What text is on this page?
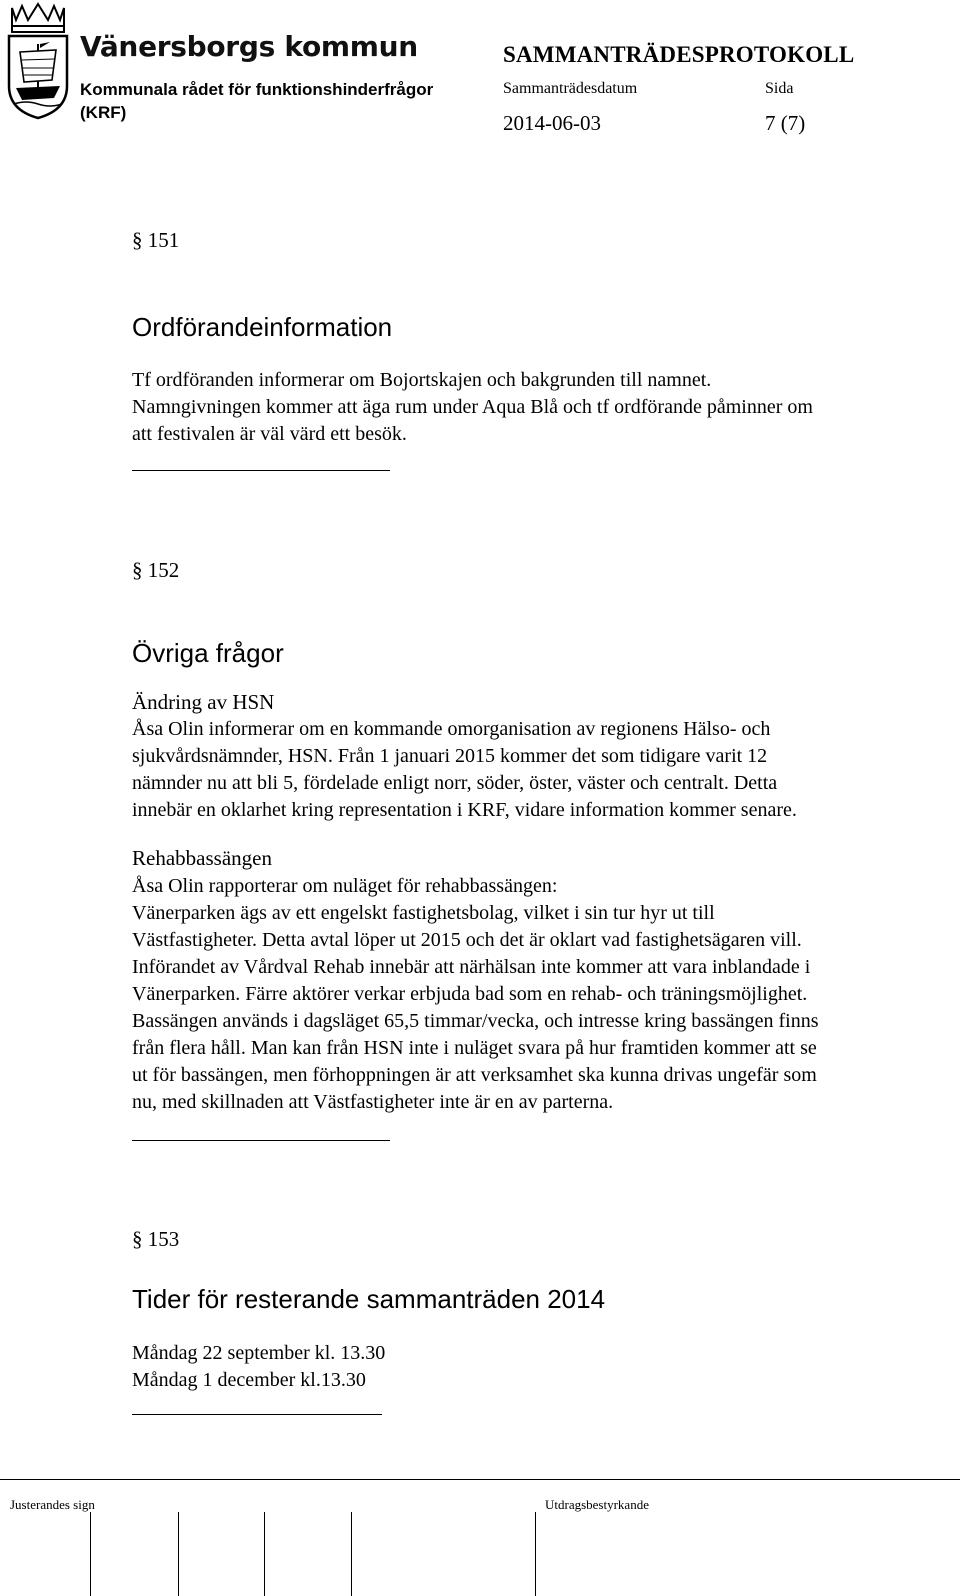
Vänersborgs kommun
Kommunala rådet för funktionshinderfrågor
(KRF)
SAMMANTRÄDESPROTOKOLL
Sammanträdesdatum	Sida
2014-06-03	7 (7)
§ 151
Ordförandeinformation

Tf ordföranden informerar om Bojortskajen och bakgrunden till namnet.

Namngivningen kommer att äga rum under Aqua Blå och tf ordförande påminner om

att festivalen är väl värd ett besök.

§ 152
Övriga frågor
Ändring av HSN

Åsa Olin informerar om en kommande omorganisation av regionens Hälso- och

sjukvårdsnämnder, HSN. Från 1 januari 2015 kommer det som tidigare varit 12

nämnder nu att bli 5, fördelade enligt norr, söder, öster, väster och centralt. Detta

innebär en oklarhet kring representation i KRF, vidare information kommer senare.

Rehabbassängen

Åsa Olin rapporterar om nuläget för rehabbassängen:

Vänerparken ägs av ett engelskt fastighetsbolag, vilket i sin tur hyr ut till

Västfastigheter. Detta avtal löper ut 2015 och det är oklart vad fastighetsägaren vill.

Införandet av Vårdval Rehab innebär att närhälsan inte kommer att vara inblandade i

Vänerparken. Färre aktörer verkar erbjuda bad som en rehab- och träningsmöjlighet.

Bassängen används i dagsläget 65,5 timmar/vecka, och intresse kring bassängen finns

från flera håll. Man kan från HSN inte i nuläget svara på hur framtiden kommer att se

ut för bassängen, men förhoppningen är att verksamhet ska kunna drivas ungefär som

nu, med skillnaden att Västfastigheter inte är en av parterna.

§ 153
Tider för resterande sammanträden 2014

Måndag 22 september kl. 13.30

Måndag 1 december kl.13.30

Justerandes sign	Utdragsbestyrkande
